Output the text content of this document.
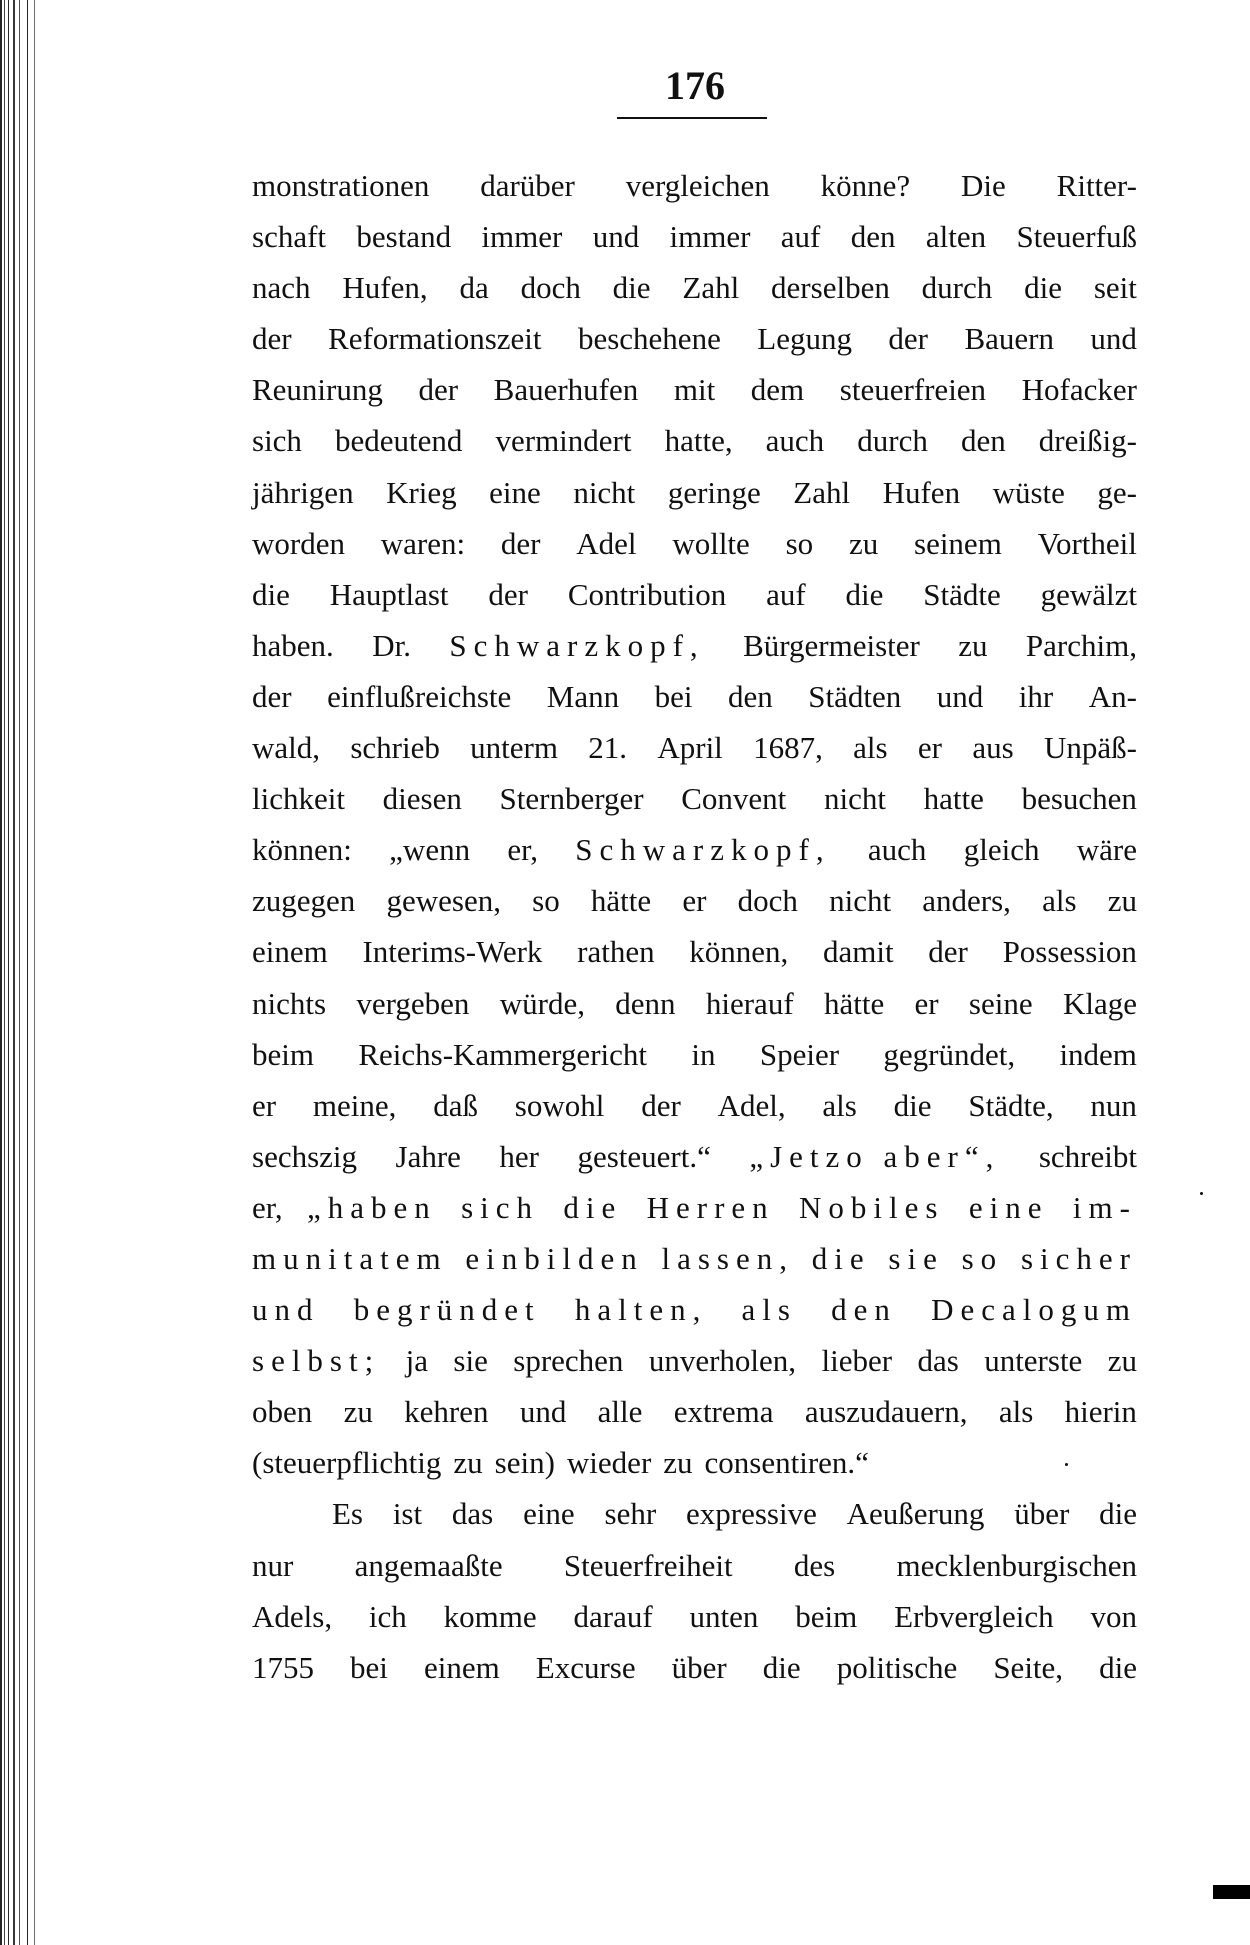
176
monstrationen darüber vergleichen könne? Die Ritter-
schaft bestand immer und immer auf den alten Steuerfuß
nach Hufen, da doch die Zahl derselben durch die seit
der Reformationszeit beschehene Legung der Bauern und
Reunirung der Bauerhufen mit dem steuerfreien Hofacker
sich bedeutend vermindert hatte, auch durch den dreißig-
jährigen Krieg eine nicht geringe Zahl Hufen wüste ge-
worden waren: der Adel wollte so zu seinem Vortheil
die Hauptlast der Contribution auf die Städte gewälzt
haben. Dr. Schwarzkopf, Bürgermeister zu Parchim,
der einflußreichste Mann bei den Städten und ihr An-
wald, schrieb unterm 21. April 1687, als er aus Unpäß-
lichkeit diesen Sternberger Convent nicht hatte besuchen
können: „wenn er, Schwarzkopf, auch gleich wäre
zugegen gewesen, so hätte er doch nicht anders, als zu
einem Interims-Werk rathen können, damit der Possession
nichts vergeben würde, denn hierauf hätte er seine Klage
beim Reichs-Kammergericht in Speier gegründet, indem
er meine, daß sowohl der Adel, als die Städte, nun
sechszig Jahre her gesteuert.“ „Jetzo aber“, schreibt
er, „haben sich die Herren Nobiles eine im-
munitatem einbilden lassen, die sie so sicher
und begründet halten, als den Decalogum
selbst; ja sie sprechen unverholen, lieber das unterste zu
oben zu kehren und alle extrema auszudauern, als hierin
(steuerpflichtig zu sein) wieder zu consentiren.“
Es ist das eine sehr expressive Aeußerung über die
nur angemaaßte Steuerfreiheit des mecklenburgischen
Adels, ich komme darauf unten beim Erbvergleich von
1755 bei einem Excurse über die politische Seite, die
